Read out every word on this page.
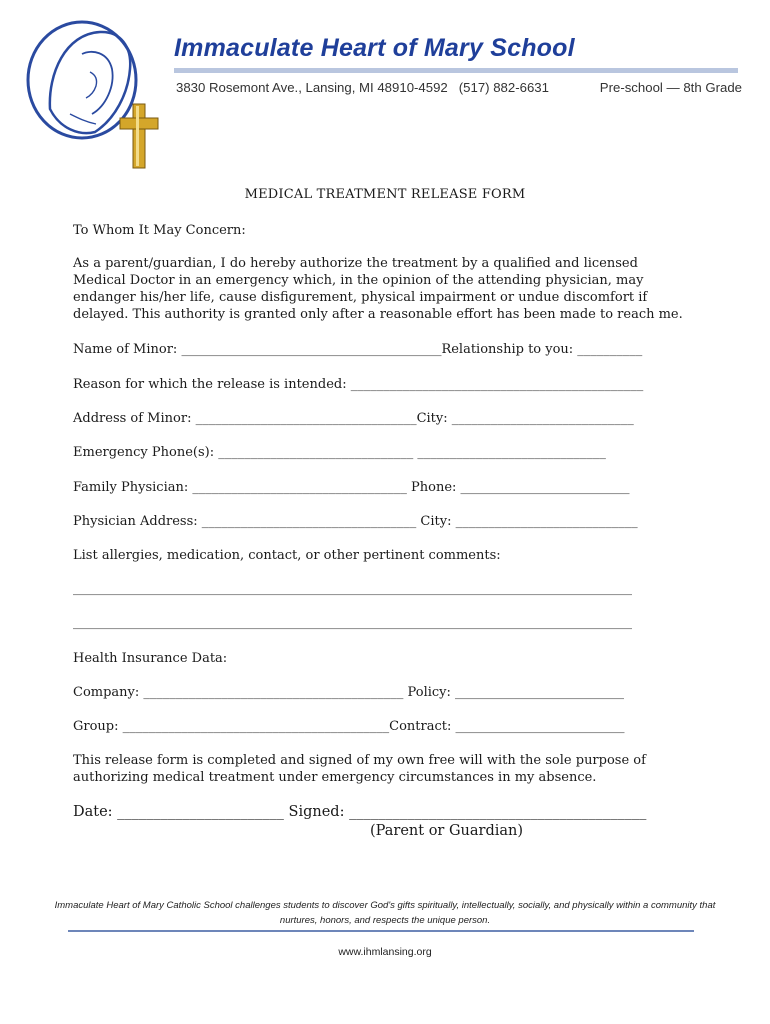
Immaculate Heart of Mary School
3830 Rosemont Ave., Lansing, MI 48910-4592 (517) 882-6631	Pre-school — 8th Grade
MEDICAL TREATMENT RELEASE FORM
To Whom It May Concern:
As a parent/guardian, I do hereby authorize the treatment by a qualified and licensed Medical Doctor in an emergency which, in the opinion of the attending physician, may endanger his/her life, cause disfigurement, physical impairment or undue discomfort if delayed. This authority is granted only after a reasonable effort has been made to reach me.
Name of Minor: ________________________________________Relationship to you: __________
Reason for which the release is intended: _____________________________________________
Address of Minor: __________________________________City: ____________________________
Emergency Phone(s): ______________________________ _____________________________
Family Physician: _________________________________ Phone: __________________________
Physician Address: _________________________________ City: ____________________________
List allergies, medication, contact, or other pertinent comments:
______________________________________________________________________________________
______________________________________________________________________________________
Health Insurance Data:
Company: ________________________________________ Policy: __________________________
Group: _________________________________________Contract: __________________________
This release form is completed and signed of my own free will with the sole purpose of authorizing medical treatment under emergency circumstances in my absence.
Date: _______________________ Signed: _________________________________________
(Parent or Guardian)
Immaculate Heart of Mary Catholic School challenges students to discover God's gifts spiritually, intellectually, socially, and physically within a community that nurtures, honors, and respects the unique person.
www.ihmlansing.org
